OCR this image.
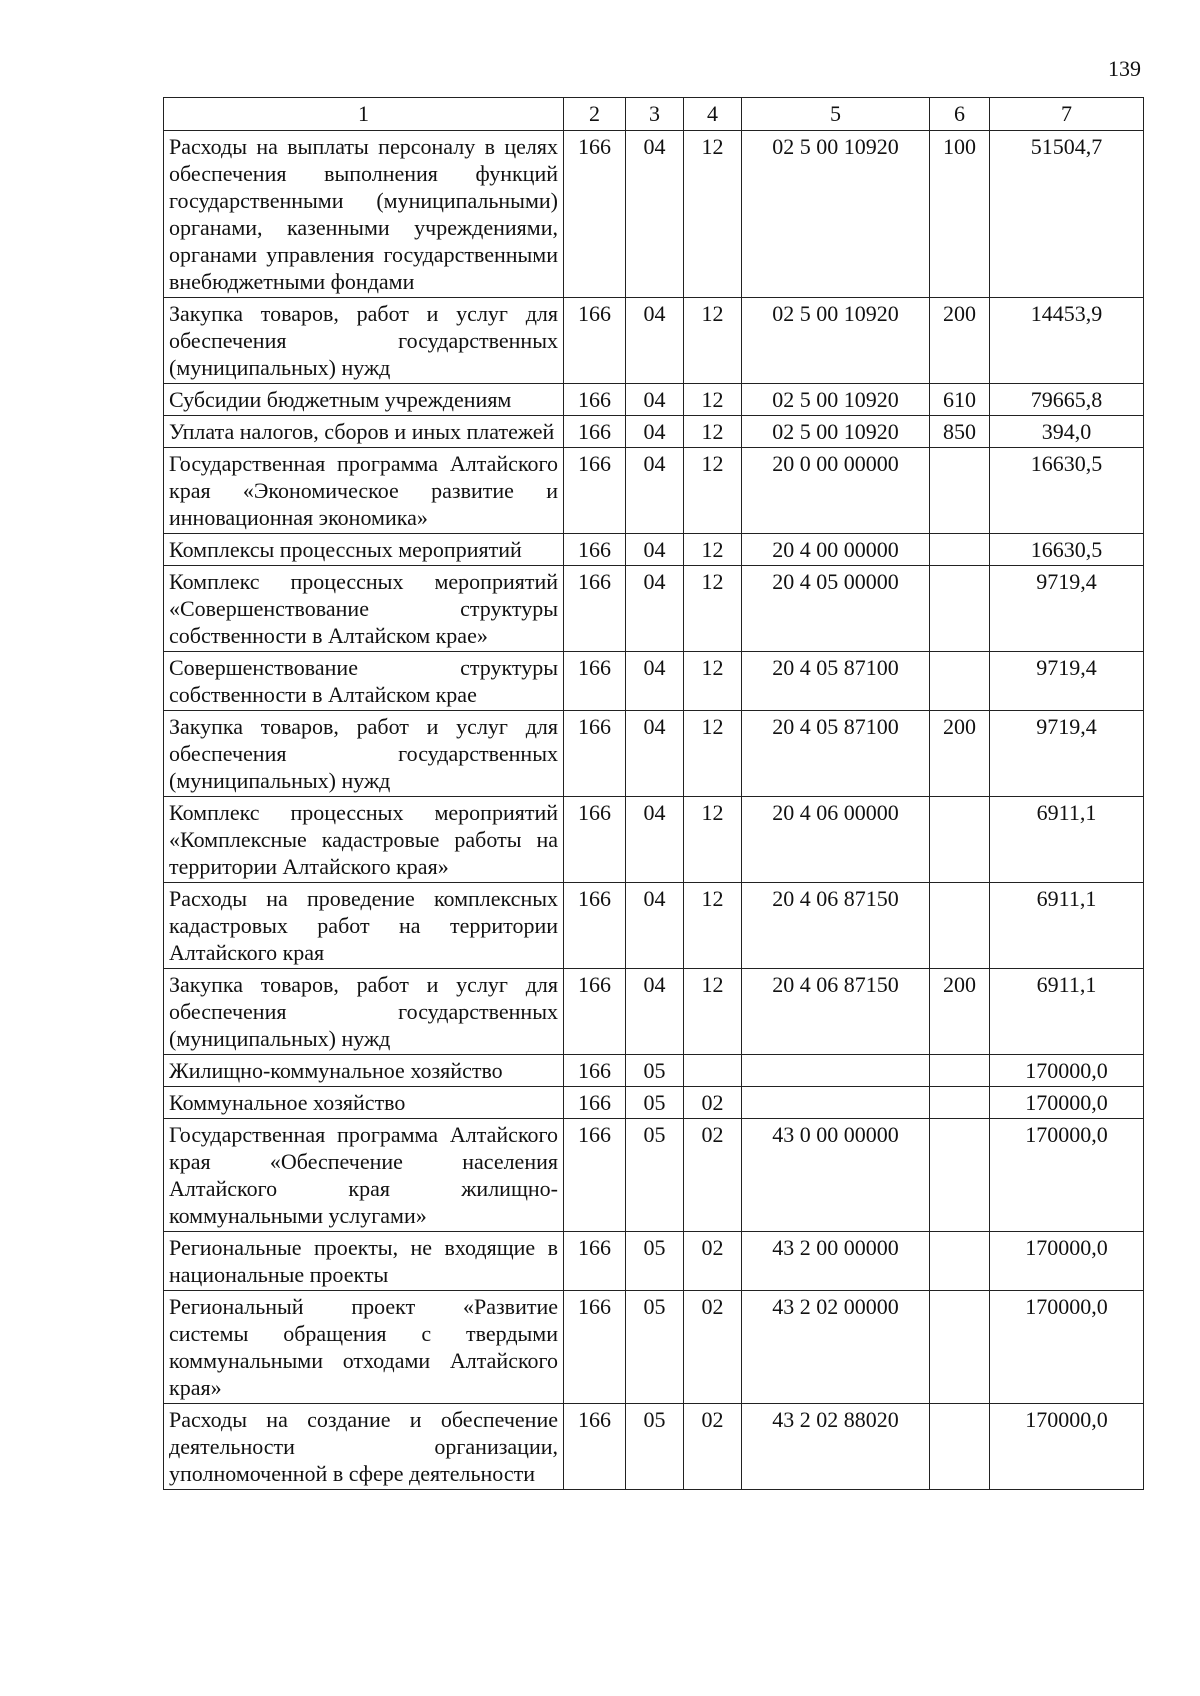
139
1	2	3	4	5	6	7
Расходы на выплаты персоналу в целях обеспечения выполнения функций государственными (муниципальными) органами, казенными учреждениями, органами управления государственными внебюджетными фондами	166	04	12	02 5 00 10920	100	51504,7
Закупка товаров, работ и услуг для обеспечения государственных (муниципальных) нужд	166	04	12	02 5 00 10920	200	14453,9
Субсидии бюджетным учреждениям	166	04	12	02 5 00 10920	610	79665,8
Уплата налогов, сборов и иных платежей	166	04	12	02 5 00 10920	850	394,0
Государственная программа Алтайского края «Экономическое развитие и инновационная экономика»	166	04	12	20 0 00 00000		16630,5
Комплексы процессных мероприятий	166	04	12	20 4 00 00000		16630,5
Комплекс процессных мероприятий «Совершенствование структуры собственности в Алтайском крае»	166	04	12	20 4 05 00000		9719,4
Совершенствование структуры собственности в Алтайском крае	166	04	12	20 4 05 87100		9719,4
Закупка товаров, работ и услуг для обеспечения государственных (муниципальных) нужд	166	04	12	20 4 05 87100	200	9719,4
Комплекс процессных мероприятий «Комплексные кадастровые работы на территории Алтайского края»	166	04	12	20 4 06 00000		6911,1
Расходы на проведение комплексных кадастровых работ на территории Алтайского края	166	04	12	20 4 06 87150		6911,1
Закупка товаров, работ и услуг для обеспечения государственных (муниципальных) нужд	166	04	12	20 4 06 87150	200	6911,1
Жилищно-коммунальное хозяйство	166	05				170000,0
Коммунальное хозяйство	166	05	02			170000,0
Государственная программа Алтайского края «Обеспечение населения Алтайского края жилищно-коммунальными услугами»	166	05	02	43 0 00 00000		170000,0
Региональные проекты, не входящие в национальные проекты	166	05	02	43 2 00 00000		170000,0
Региональный проект «Развитие системы обращения с твердыми коммунальными отходами Алтайского края»	166	05	02	43 2 02 00000		170000,0
Расходы на создание и обеспечение деятельности организации, уполномоченной в сфере деятельности	166	05	02	43 2 02 88020		170000,0
